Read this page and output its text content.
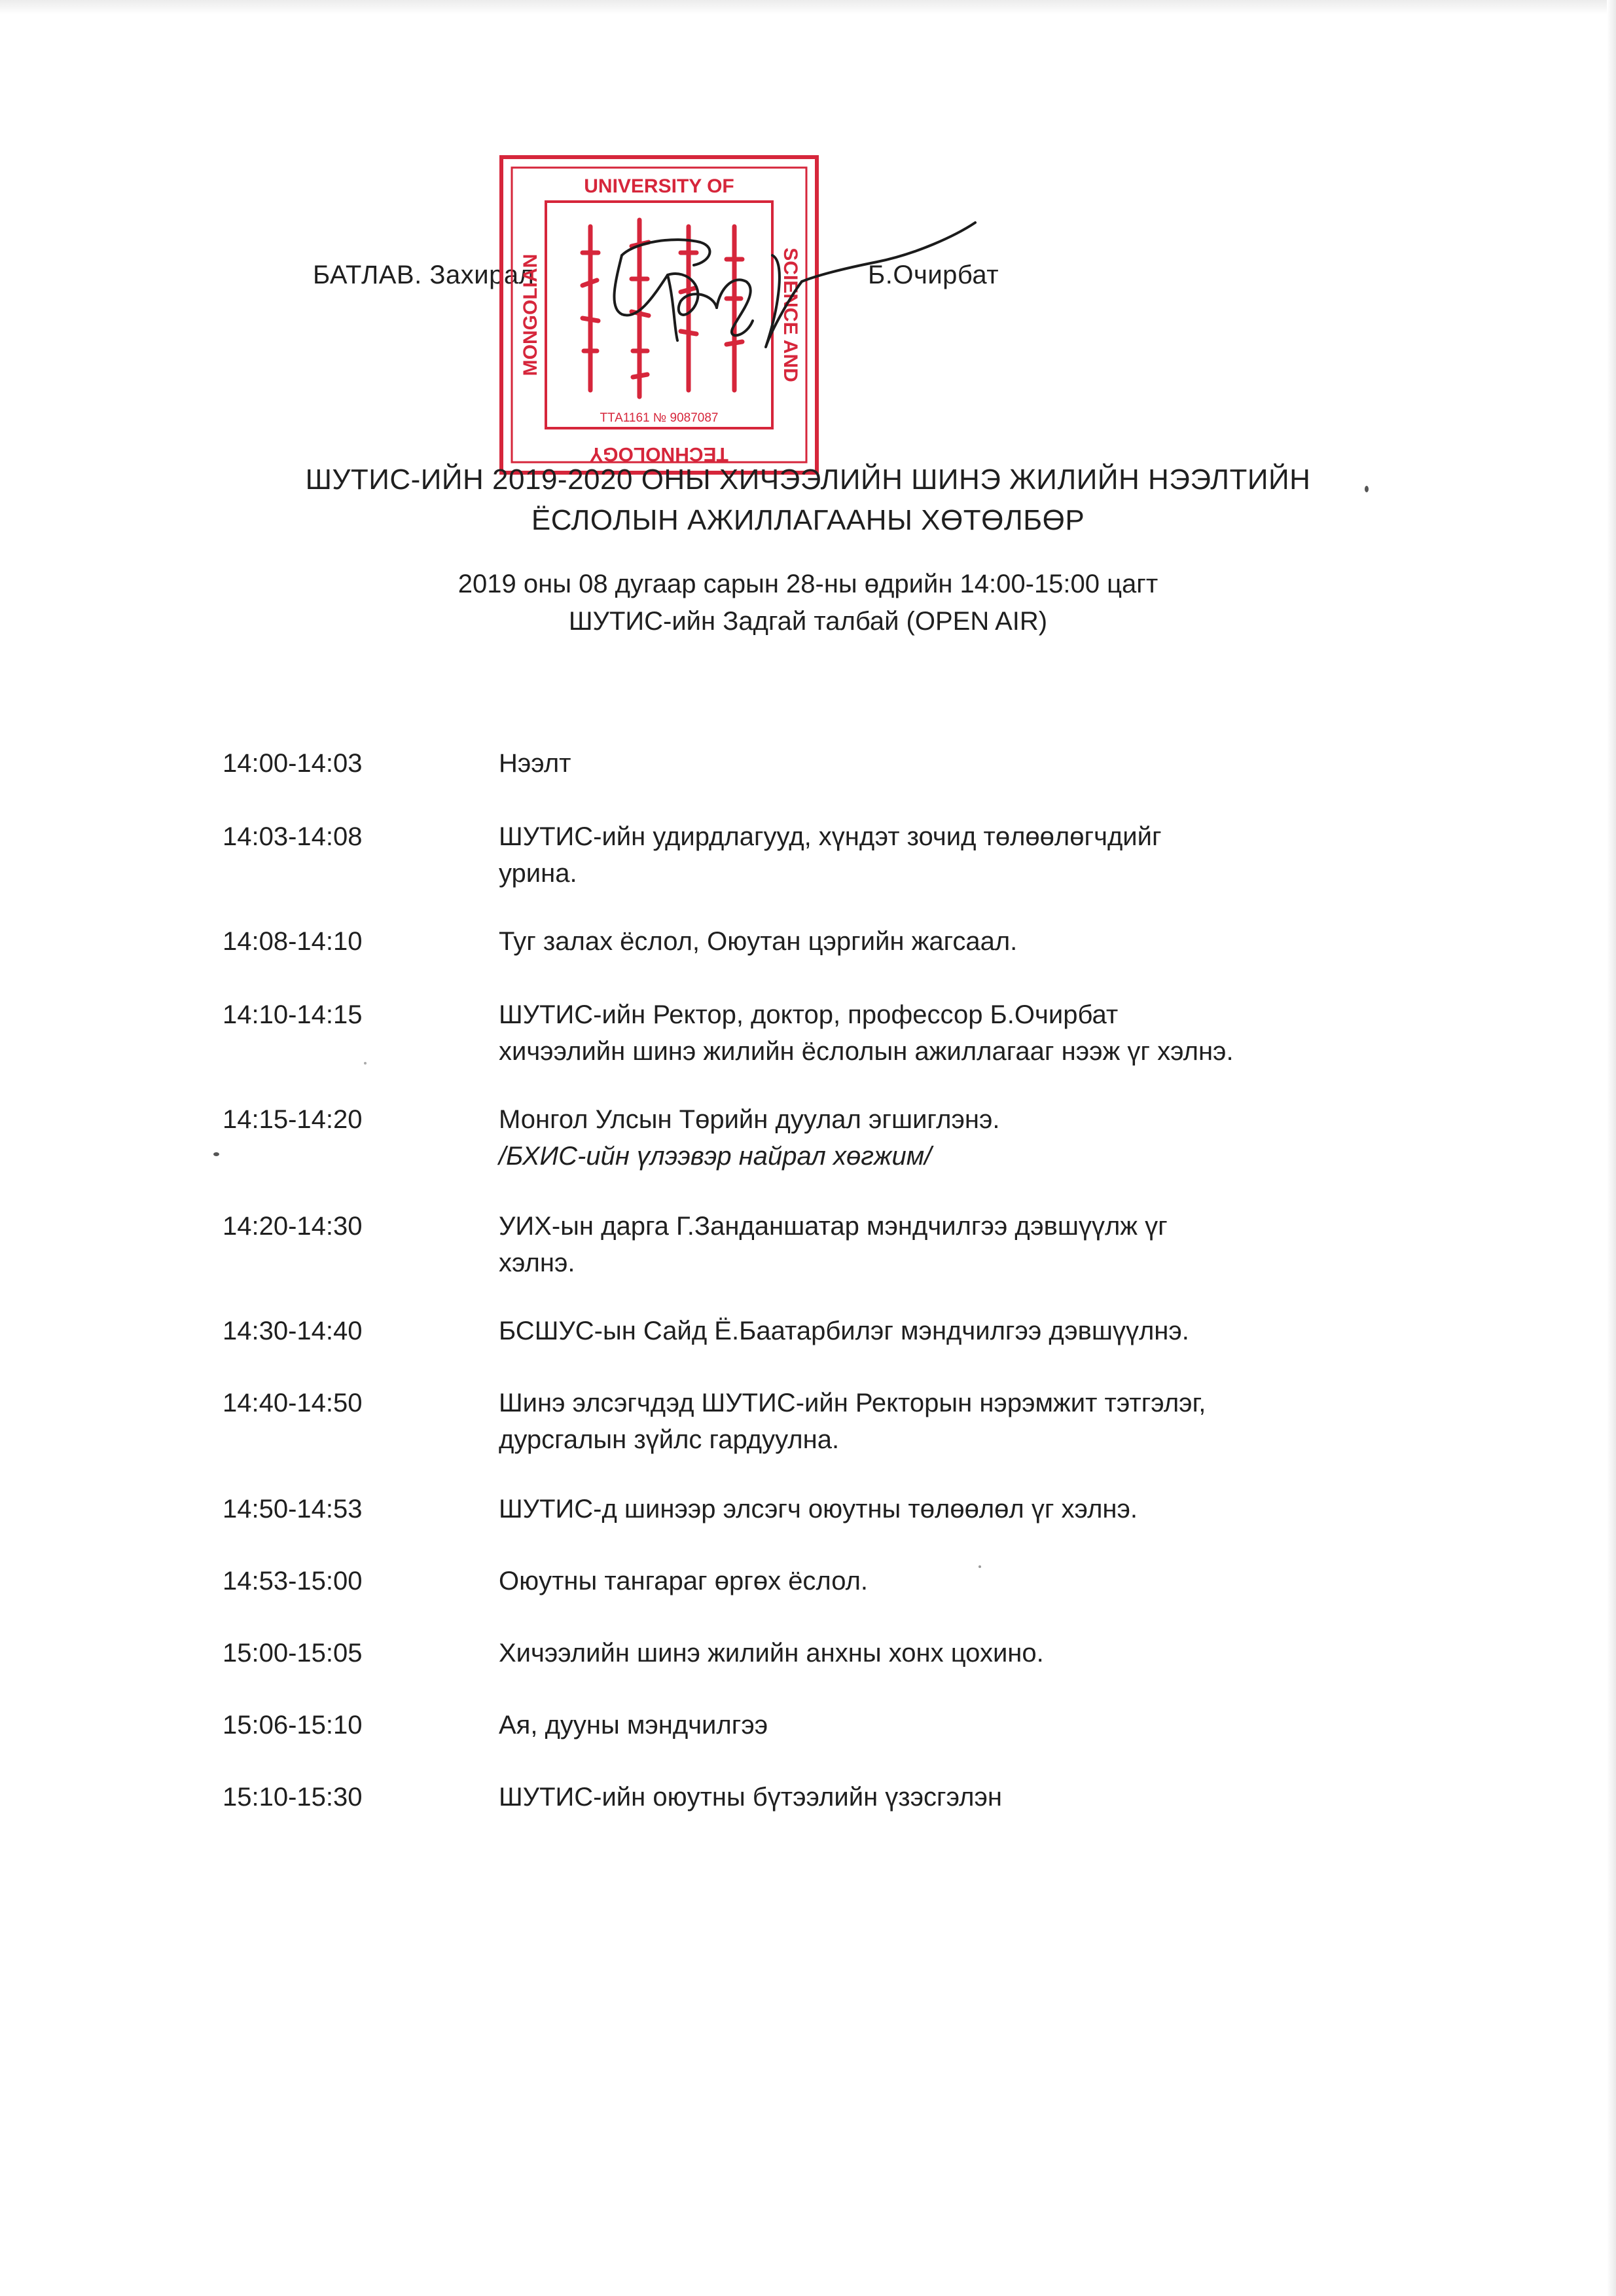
БАТЛАВ. Захирал	Б.Очирбат
UNIVERSITY OF
SCIENCE AND
TECHNOLOGY
MONGOLIAN
ТТА1161 № 9087087
ШУТИС-ИЙН 2019-2020 ОНЫ ХИЧЭЭЛИЙН ШИНЭ ЖИЛИЙН НЭЭЛТИЙН
ЁСЛОЛЫН АЖИЛЛАГААНЫ ХӨТӨЛБӨР
2019 оны 08 дугаар сарын 28-ны өдрийн 14:00-15:00 цагт
ШУТИС-ийн Задгай талбай (OPEN AIR)
14:00-14:03	Нээлт
14:03-14:08	ШУТИС-ийн удирдлагууд, хүндэт зочид төлөөлөгчдийг
урина.
14:08-14:10	Туг залах ёслол, Оюутан цэргийн жагсаал.
14:10-14:15	ШУТИС-ийн Ректор, доктор, профессор Б.Очирбат
хичээлийн шинэ жилийн ёслолын ажиллагааг нээж үг хэлнэ.
14:15-14:20	Монгол Улсын Төрийн дуулал эгшиглэнэ.
/БХИС-ийн үлээвэр найрал хөгжим/
14:20-14:30	УИХ-ын дарга Г.Занданшатар мэндчилгээ дэвшүүлж үг
хэлнэ.
14:30-14:40	БСШУС-ын Сайд Ё.Баатарбилэг мэндчилгээ дэвшүүлнэ.
14:40-14:50	Шинэ элсэгчдэд ШУТИС-ийн Ректорын нэрэмжит тэтгэлэг,
дурсгалын зүйлс гардуулна.
14:50-14:53	ШУТИС-д шинээр элсэгч оюутны төлөөлөл үг хэлнэ.
14:53-15:00	Оюутны тангараг өргөх ёслол.
15:00-15:05	Хичээлийн шинэ жилийн анхны хонх цохино.
15:06-15:10	Ая, дууны мэндчилгээ
15:10-15:30	ШУТИС-ийн оюутны бүтээлийн үзэсгэлэн
